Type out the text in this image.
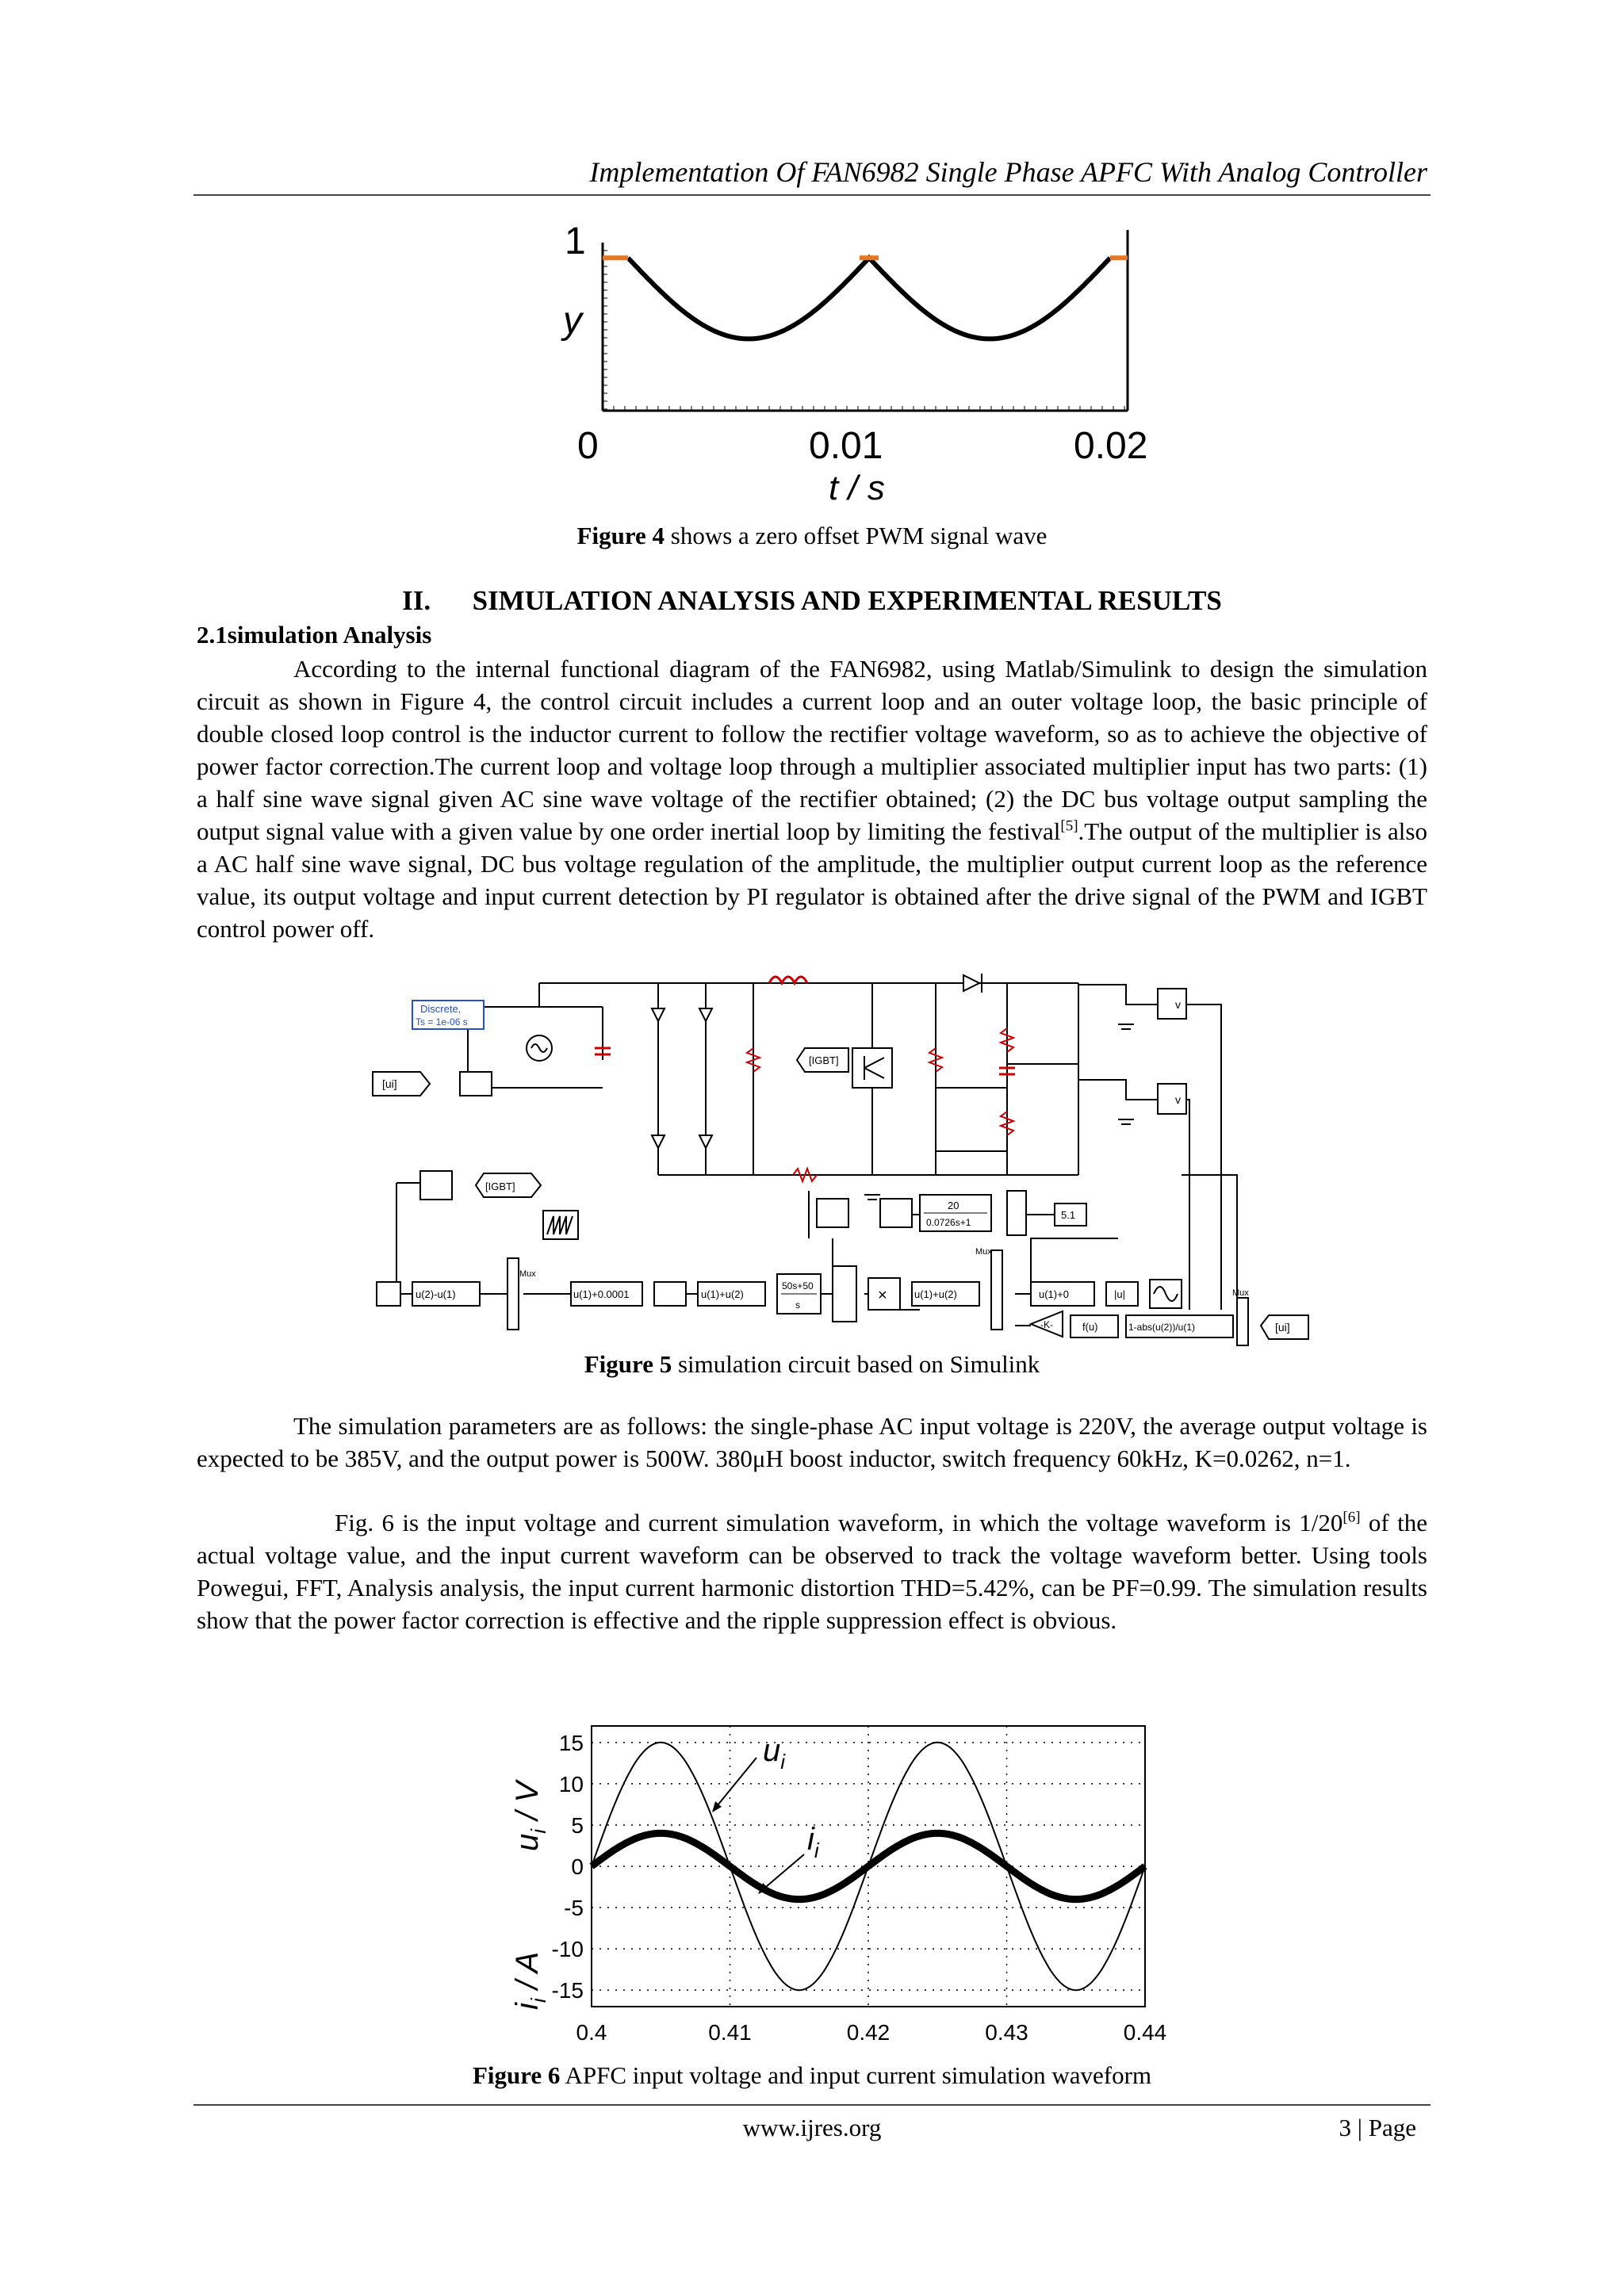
Implementation Of FAN6982 Single Phase APFC With Analog Controller
1
y
0	0.01	0.02
t / s
Figure 4 shows a zero offset PWM signal wave
II.      SIMULATION ANALYSIS AND EXPERIMENTAL RESULTS
2.1simulation Analysis
According to the internal functional diagram of the FAN6982, using Matlab/Simulink to design the simulation circuit as shown in Figure 4, the control circuit includes a current loop and an outer voltage loop, the basic principle of double closed loop control is the inductor current to follow the rectifier voltage waveform, so as to achieve the objective of power factor correction.The current loop and voltage loop through a multiplier associated multiplier input has two parts: (1) a half sine wave signal given AC sine wave voltage of the rectifier obtained; (2) the DC bus voltage output sampling the output signal value with a given value by one order inertial loop by limiting the festival[5].The output of the multiplier is also a AC half sine wave signal, DC bus voltage regulation of the amplitude, the multiplier output current loop as the reference value, its output voltage and input current detection by PI regulator is obtained after the drive signal of the PWM and IGBT control power off.
v
v
Discrete,
Ts = 1e-06 s
[ui]
[IGBT]
[IGBT]
u(2)-u(1)
Mux
u(1)+0.0001	u(1)+u(2)
50s+50
s
×	u(1)+u(2)
Mux
20
0.0726s+1
5.1
u(1)+0	|u|
-K-	f(u)	1-abs(u(2))/u(1)
Mux
[ui]
Figure 5 simulation circuit based on Simulink
The simulation parameters are as follows: the single-phase AC input voltage is 220V, the average output voltage is expected to be 385V, and the output power is 500W. 380μH boost inductor, switch frequency 60kHz, K=0.0262, n=1.
Fig. 6 is the input voltage and current simulation waveform, in which the voltage waveform is 1/20[6] of the actual voltage value, and the input current waveform can be observed to track the voltage waveform better. Using tools Powegui, FFT, Analysis analysis, the input current harmonic distortion THD=5.42%, can be PF=0.99. The simulation results show that the power factor correction is effective and the ripple suppression effect is obvious.
15
10
5
0
-5
-10
-15
0.4	0.41	0.42	0.43	0.44
$u_i$
$i_i$
$i_i$ / A
$u_i$ / V
Figure 6 APFC input voltage and input current simulation waveform
www.ijres.org	3 | Page
